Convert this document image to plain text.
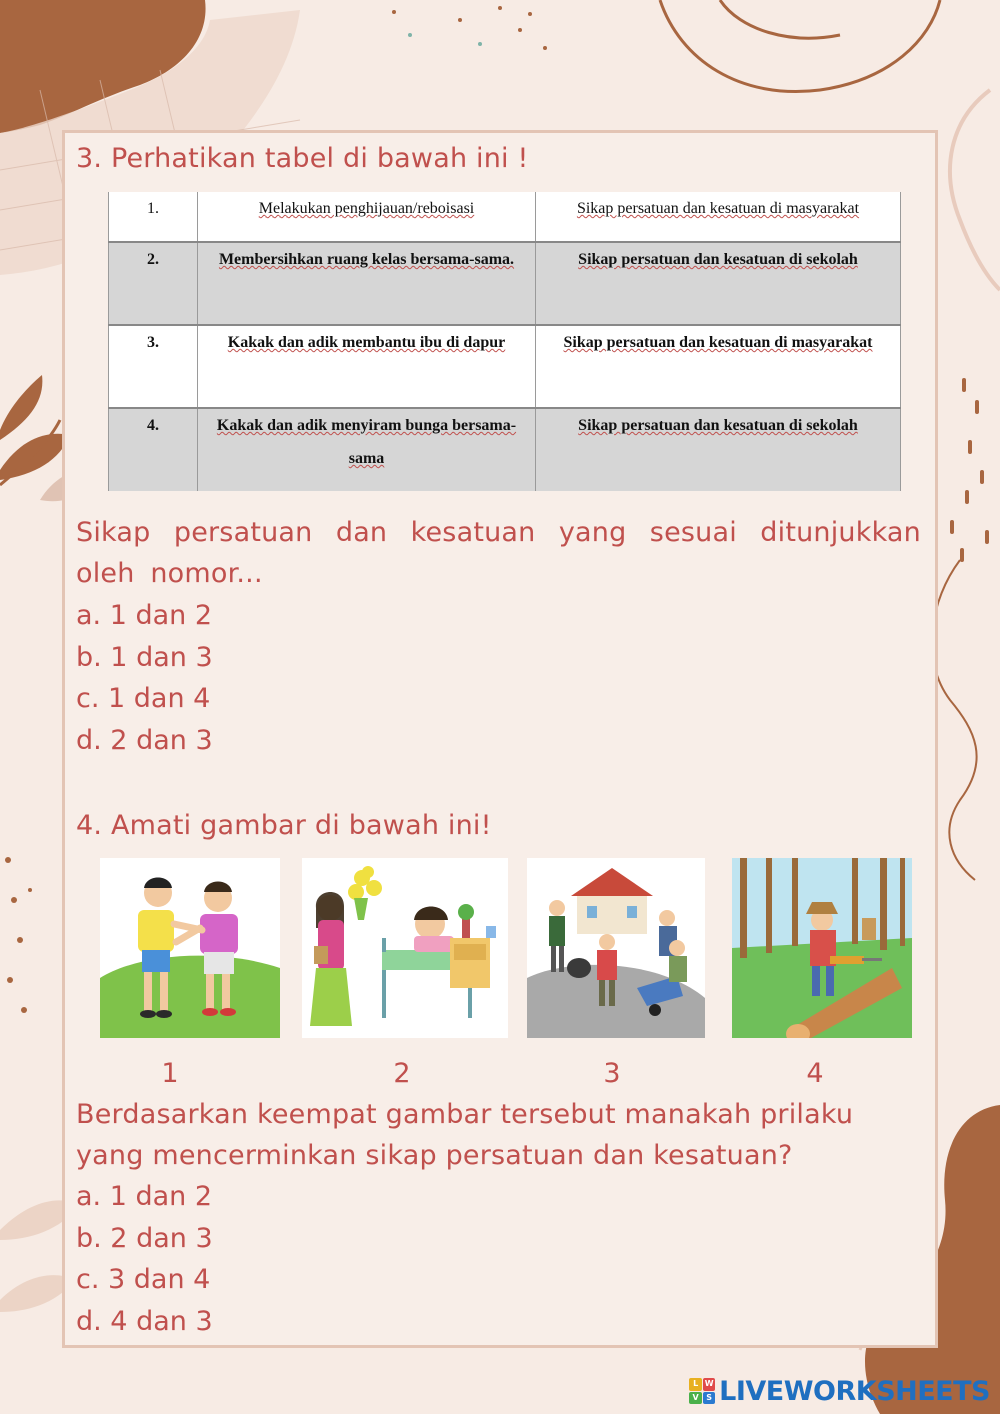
3. Perhatikan tabel di bawah ini !

1.	Melakukan penghijauan/reboisasi	Sikap persatuan dan kesatuan di masyarakat
2.	Membersihkan ruang kelas bersama-sama.	Sikap persatuan dan kesatuan di sekolah
3.	Kakak dan adik membantu ibu di dapur	Sikap persatuan dan kesatuan di masyarakat
4.	Kakak dan adik menyiram bunga bersama-sama	Sikap persatuan dan kesatuan di sekolah

Sikap persatuan dan kesatuan yang sesuai ditunjukkan oleh nomor...

a. 1 dan 2
b. 1 dan 3
c. 1 dan 4
d. 2 dan 3

4. Amati gambar di bawah ini!

1	2	3	4

Berdasarkan keempat gambar tersebut manakah prilaku yang mencerminkan sikap persatuan dan kesatuan?

a. 1 dan 2
b. 2 dan 3
c. 3 dan 4
d. 4 dan 3
L W
V	S LIVEWORKSHEETS
